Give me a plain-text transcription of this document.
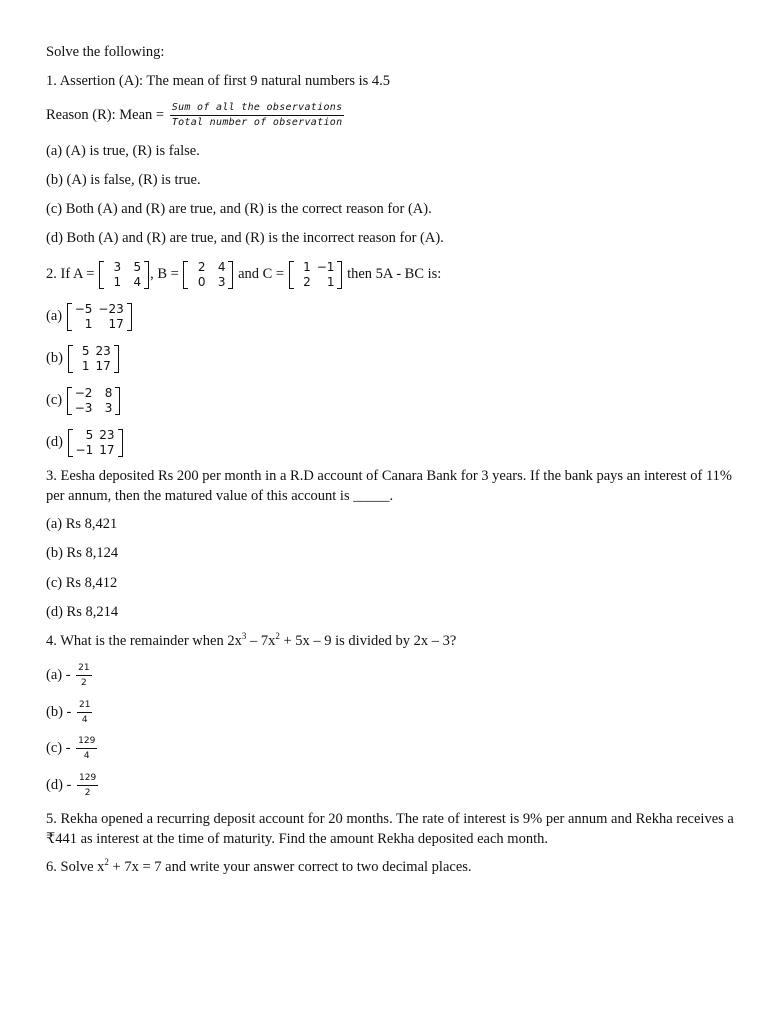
Solve the following:
1. Assertion (A): The mean of first 9 natural numbers is 4.5
Reason (R): Mean = $\frac{\text{Sum of all the observations}}{\text{Total number of observation}}$
(a) (A) is true, (R) is false.
(b) (A) is false, (R) is true.
(c) Both (A) and (R) are true, and (R) is the correct reason for (A).
(d) Both (A) and (R) are true, and (R) is the incorrect reason for (A).
2. If A = 3	5
1	4 , B = 2	4
0	3 and C = 1	−1
2	1 then 5A - BC is:
(a) −5	−23
1	17
(b) 5	23
1	17
(c) −2	8
−3	3
(d) 5	23
−1	17
3. Eesha deposited Rs 200 per month in a R.D account of Canara Bank for 3 years. If the bank pays an interest of 11% per annum, then the matured value of this account is _____.
(a) Rs 8,421
(b) Rs 8,124
(c) Rs 8,412
(d) Rs 8,214
4. What is the remainder when $2x^3 - 7x^2 + 5x - 9$ is divided by 2x – 3?
$(a) - \frac{21}{2}$
$(b) - \frac{21}{4}$
$(c) - \frac{129}{4}$
$(d) - \frac{129}{2}$
5. Rekha opened a recurring deposit account for 20 months. The rate of interest is 9% per annum and Rekha receives a ₹441 as interest at the time of maturity. Find the amount Rekha deposited each month.
6. Solve $x^2 + 7x = 7$ and write your answer correct to two decimal places.
